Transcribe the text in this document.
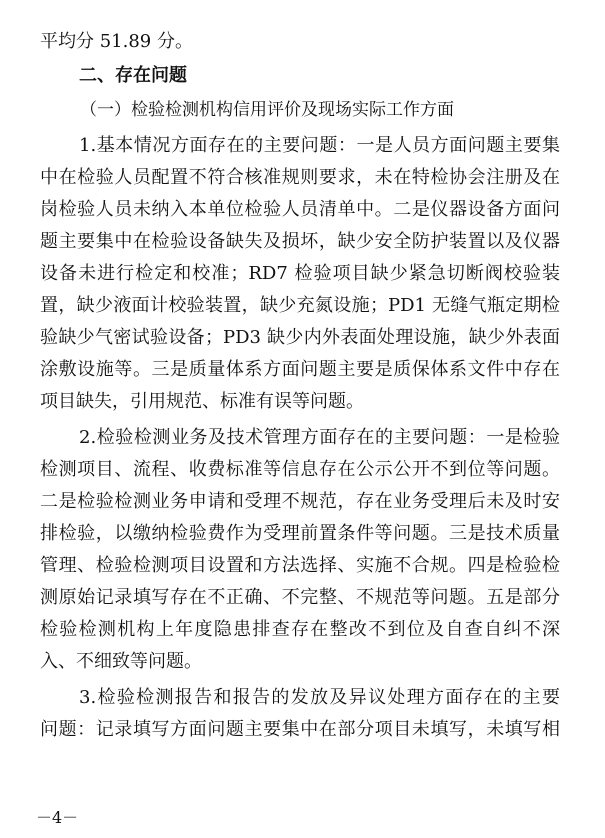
平均分 51.89 分。
二、存在问题
（一）检验检测机构信用评价及现场实际工作方面
1.基本情况方面存在的主要问题：一是人员方面问题主要集
中在检验人员配置不符合核准规则要求，未在特检协会注册及在
岗检验人员未纳入本单位检验人员清单中。二是仪器设备方面问
题主要集中在检验设备缺失及损坏，缺少安全防护装置以及仪器
设备未进行检定和校准；RD7 检验项目缺少紧急切断阀校验装
置，缺少液面计校验装置，缺少充氮设施；PD1 无缝气瓶定期检
验缺少气密试验设备；PD3 缺少内外表面处理设施，缺少外表面
涂敷设施等。三是质量体系方面问题主要是质保体系文件中存在
项目缺失，引用规范、标准有误等问题。
2.检验检测业务及技术管理方面存在的主要问题：一是检验
检测项目、流程、收费标准等信息存在公示公开不到位等问题。
二是检验检测业务申请和受理不规范，存在业务受理后未及时安
排检验，以缴纳检验费作为受理前置条件等问题。三是技术质量
管理、检验检测项目设置和方法选择、实施不合规。四是检验检
测原始记录填写存在不正确、不完整、不规范等问题。五是部分
检验检测机构上年度隐患排查存在整改不到位及自查自纠不深
入、不细致等问题。
3.检验检测报告和报告的发放及异议处理方面存在的主要
问题：记录填写方面问题主要集中在部分项目未填写，未填写相
－4－
